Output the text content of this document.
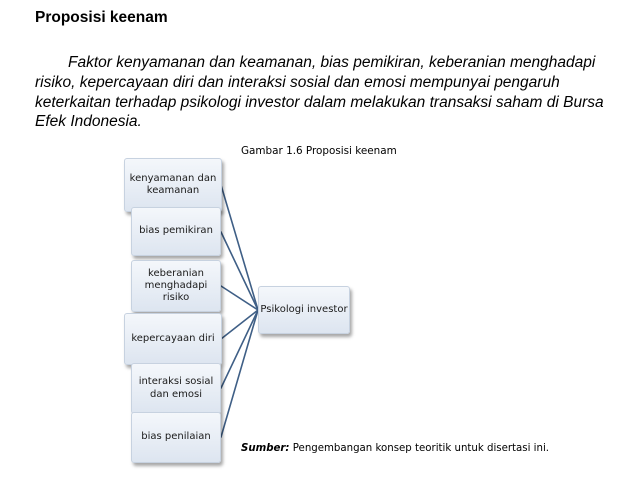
Proposisi keenam
Faktor kenyamanan dan keamanan, bias pemikiran, keberanian menghadapi risiko, kepercayaan diri dan interaksi sosial dan emosi mempunyai pengaruh keterkaitan terhadap psikologi investor dalam melakukan transaksi saham di Bursa Efek Indonesia.
Gambar 1.6 Proposisi keenam
kenyamanan dan keamanan
bias pemikiran
keberanian menghadapi risiko
kepercayaan diri
interaksi sosial dan emosi
bias penilaian
Psikologi investor
Sumber: Pengembangan konsep teoritik untuk disertasi ini.
